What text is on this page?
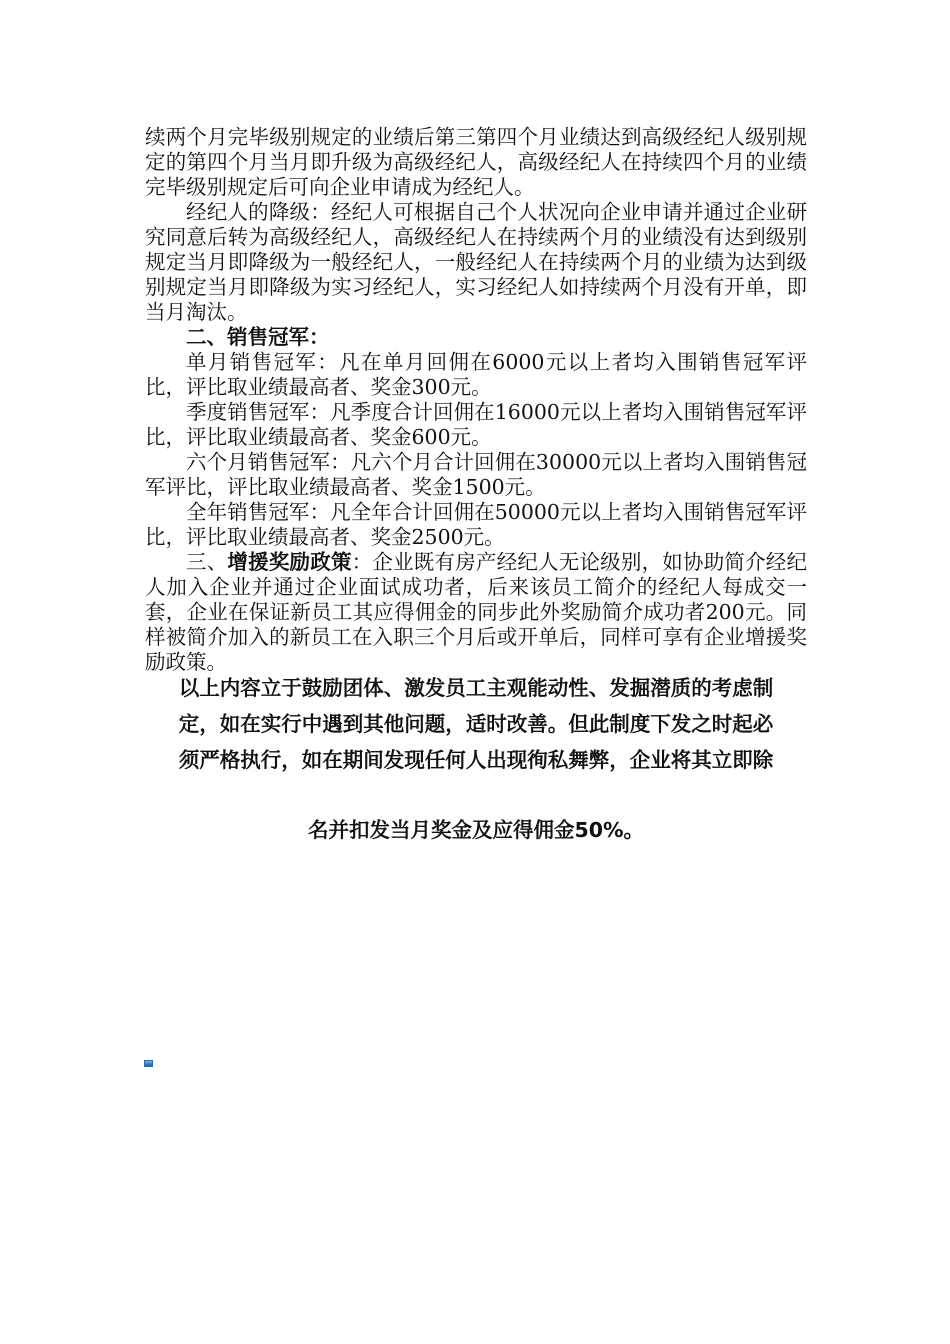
续两个月完毕级别规定的业绩后第三第四个月业绩达到高级经纪人级别规定的第四个月当月即升级为高级经纪人，高级经纪人在持续四个月的业绩完毕级别规定后可向企业申请成为经纪人。

经纪人的降级：经纪人可根据自己个人状况向企业申请并通过企业研究同意后转为高级经纪人，高级经纪人在持续两个月的业绩没有达到级别规定当月即降级为一般经纪人，一般经纪人在持续两个月的业绩为达到级别规定当月即降级为实习经纪人，实习经纪人如持续两个月没有开单，即当月淘汰。

二、销售冠军：

单月销售冠军：凡在单月回佣在6000元以上者均入围销售冠军评比，评比取业绩最高者、奖金300元。

季度销售冠军：凡季度合计回佣在16000元以上者均入围销售冠军评比，评比取业绩最高者、奖金600元。

六个月销售冠军：凡六个月合计回佣在30000元以上者均入围销售冠军评比，评比取业绩最高者、奖金1500元。

全年销售冠军：凡全年合计回佣在50000元以上者均入围销售冠军评比，评比取业绩最高者、奖金2500元。

三、增援奖励政策：企业既有房产经纪人无论级别，如协助简介经纪人加入企业并通过企业面试成功者，后来该员工简介的经纪人每成交一套，企业在保证新员工其应得佣金的同步此外奖励简介成功者200元。同样被简介加入的新员工在入职三个月后或开单后，同样可享有企业增援奖励政策。

以上内容立于鼓励团体、激发员工主观能动性、发掘潜质的考虑制

定，如在实行中遇到其他问题，适时改善。但此制度下发之时起必

须严格执行，如在期间发现任何人出现徇私舞弊，企业将其立即除

名并扣发当月奖金及应得佣金50%。
